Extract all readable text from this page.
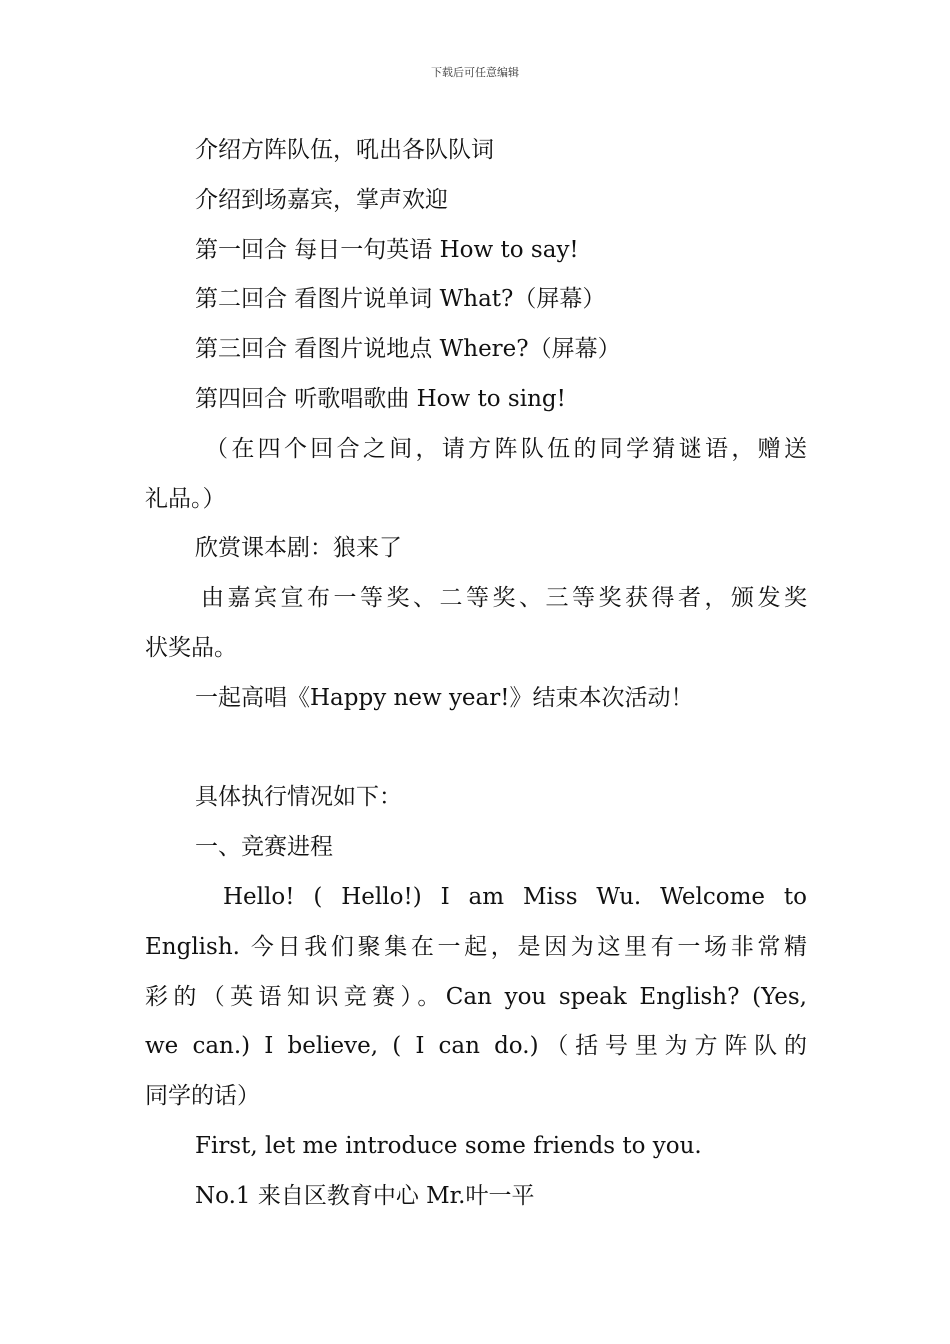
下载后可任意编辑
介绍方阵队伍，吼出各队队词
介绍到场嘉宾，掌声欢迎
第一回合 每日一句英语 How to say!
第二回合 看图片说单词 What?（屏幕）
第三回合 看图片说地点 Where?（屏幕）
第四回合 听歌唱歌曲 How to sing!
（在四个回合之间，请方阵队伍的同学猜谜语，赠送
礼品。）
欣赏课本剧：狼来了
由嘉宾宣布一等奖、二等奖、三等奖获得者，颁发奖
状奖品。
一起高唱《Happy new year!》结束本次活动！
具体执行情况如下：
一、竞赛进程
Hello! ( Hello!) I am Miss Wu. Welcome to
English. 今日我们聚集在一起，是因为这里有一场非常精
彩的（英语知识竞赛）。Can you speak English? (Yes,
we can.) I believe, ( I can do.)（括号里为方阵队的
同学的话）
First, let me introduce some friends to you.
No.1 来自区教育中心 Mr.叶一平
